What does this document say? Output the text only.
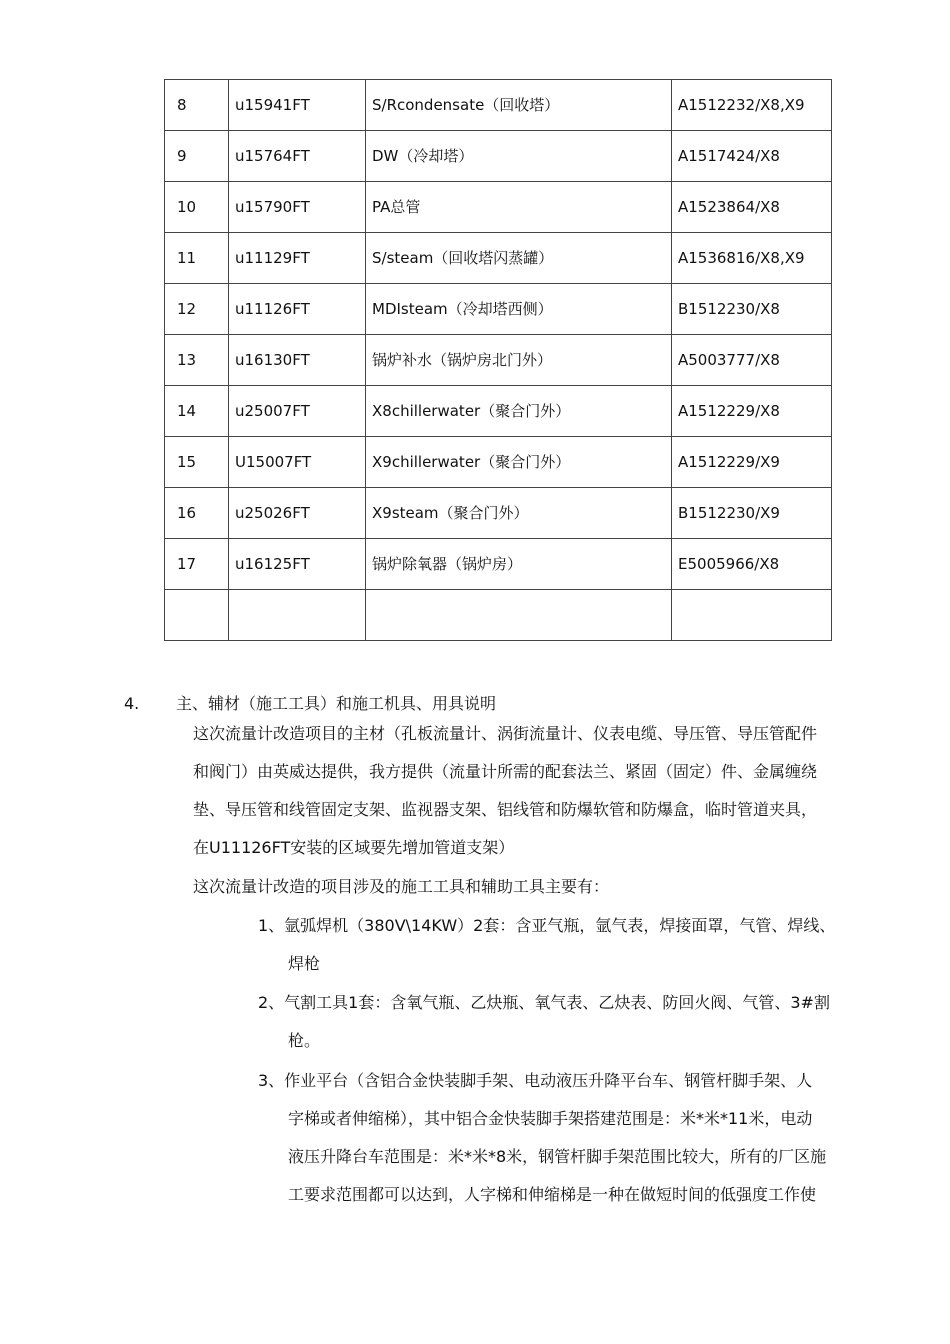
8	u15941FT	S/Rcondensate（回收塔）	A1512232/X8,X9
9	u15764FT	DW（冷却塔）	A1517424/X8
10	u15790FT	PA总管	A1523864/X8
11	u11129FT	S/steam（回收塔闪蒸罐）	A1536816/X8,X9
12	u11126FT	MDIsteam（冷却塔西侧）	B1512230/X8
13	u16130FT	锅炉补水（锅炉房北门外）	A5003777/X8
14	u25007FT	X8chillerwater（聚合门外）	A1512229/X8
15	U15007FT	X9chillerwater（聚合门外）	A1512229/X9
16	u25026FT	X9steam（聚合门外）	B1512230/X9
17	u16125FT	锅炉除氧器（锅炉房）	E5005966/X8

4. 主、辅材（施工工具）和施工机具、用具说明
这次流量计改造项目的主材（孔板流量计、涡街流量计、仪表电缆、导压管、导压管配件
和阀门）由英威达提供，我方提供（流量计所需的配套法兰、紧固（固定）件、金属缠绕
垫、导压管和线管固定支架、监视器支架、铝线管和防爆软管和防爆盒，临时管道夹具，
在U11126FT安装的区域要先增加管道支架）
这次流量计改造的项目涉及的施工工具和辅助工具主要有：
1、氩弧焊机（380V\14KW）2套：含亚气瓶，氩气表，焊接面罩，气管、焊线、
焊枪
2、气割工具1套：含氧气瓶、乙炔瓶、氧气表、乙炔表、防回火阀、气管、3#割
枪。
3、作业平台（含铝合金快装脚手架、电动液压升降平台车、钢管杆脚手架、人
字梯或者伸缩梯），其中铝合金快装脚手架搭建范围是：米*米*11米，电动
液压升降台车范围是：米*米*8米，钢管杆脚手架范围比较大，所有的厂区施
工要求范围都可以达到，人字梯和伸缩梯是一种在做短时间的低强度工作使
